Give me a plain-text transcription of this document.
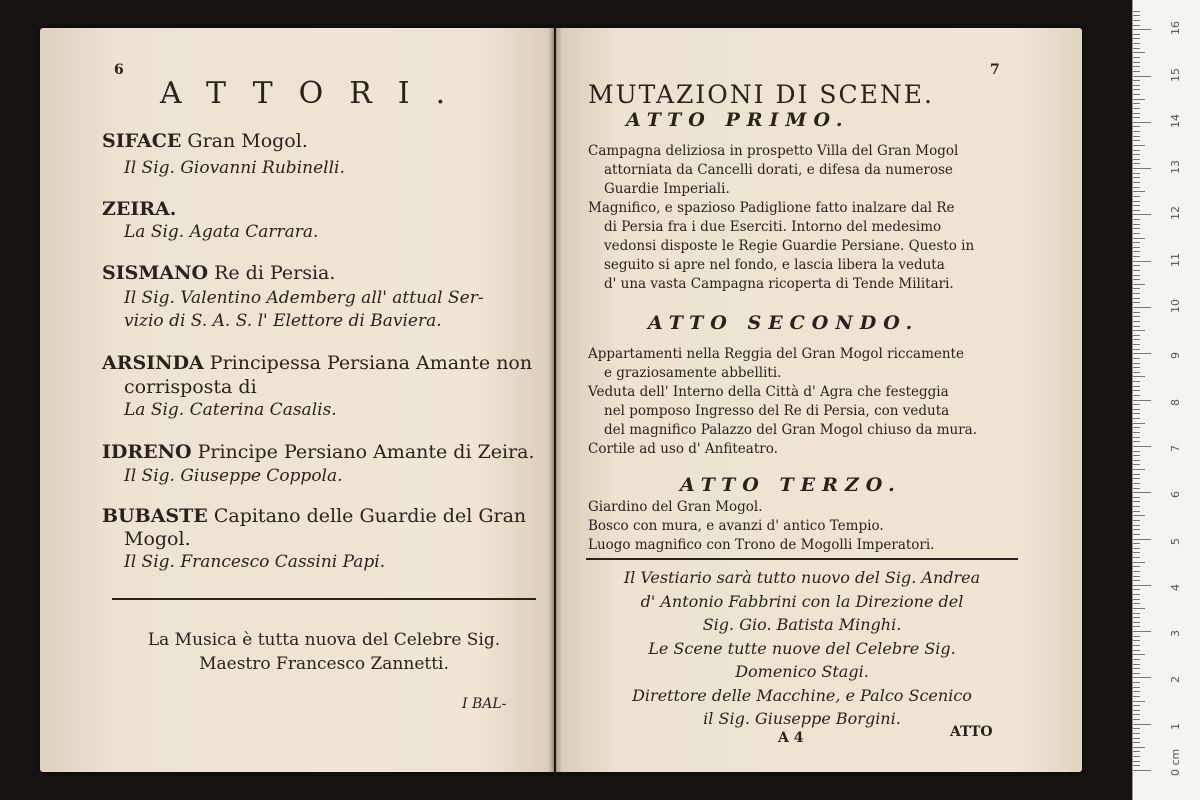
6
ATTORI.
SIFACE Gran Mogol.
Il Sig. Giovanni Rubinelli.
ZEIRA.
La Sig. Agata Carrara.
SISMANO Re di Persia.
Il Sig. Valentino Ademberg all' attual Ser-
vizio di S. A. S. l' Elettore di Baviera.
ARSINDA Principessa Persiana Amante non
corrisposta di
La Sig. Caterina Casalis.
IDRENO Principe Persiano Amante di Zeira.
Il Sig. Giuseppe Coppola.
BUBASTE Capitano delle Guardie del Gran
Mogol.
Il Sig. Francesco Cassini Papi.
La Musica è tutta nuova del Celebre Sig.
Maestro Francesco Zannetti.
I BAL-
MUTAZIONI DI SCENE.
7
ATTO PRIMO.

Campagna deliziosa in prospetto Villa del Gran Mogol

attorniata da Cancelli dorati, e difesa da numerose

Guardie Imperiali.

Magnifico, e spazioso Padiglione fatto inalzare dal Re

di Persia fra i due Eserciti. Intorno del medesimo

vedonsi disposte le Regie Guardie Persiane. Questo in

seguito si apre nel fondo, e lascia libera la veduta

d' una vasta Campagna ricoperta di Tende Militari.

ATTO SECONDO.

Appartamenti nella Reggia del Gran Mogol riccamente

e graziosamente abbelliti.

Veduta dell' Interno della Città d' Agra che festeggia

nel pomposo Ingresso del Re di Persia, con veduta

del magnifico Palazzo del Gran Mogol chiuso da mura.

Cortile ad uso d' Anfiteatro.

ATTO TERZO.

Giardino del Gran Mogol.

Bosco con mura, e avanzi d' antico Tempio.

Luogo magnifico con Trono de Mogolli Imperatori.

Il Vestiario sarà tutto nuovo del Sig. Andrea
d' Antonio Fabbrini con la Direzione del
Sig. Gio. Batista Minghi.
Le Scene tutte nuove del Celebre Sig.
Domenico Stagi.
Direttore delle Macchine, e Palco Scenico
il Sig. Giuseppe Borgini.
A 4	ATTO
0 cm
1
2
3
4
5
6
7
8
9
10
11
12
13
14
15
16
